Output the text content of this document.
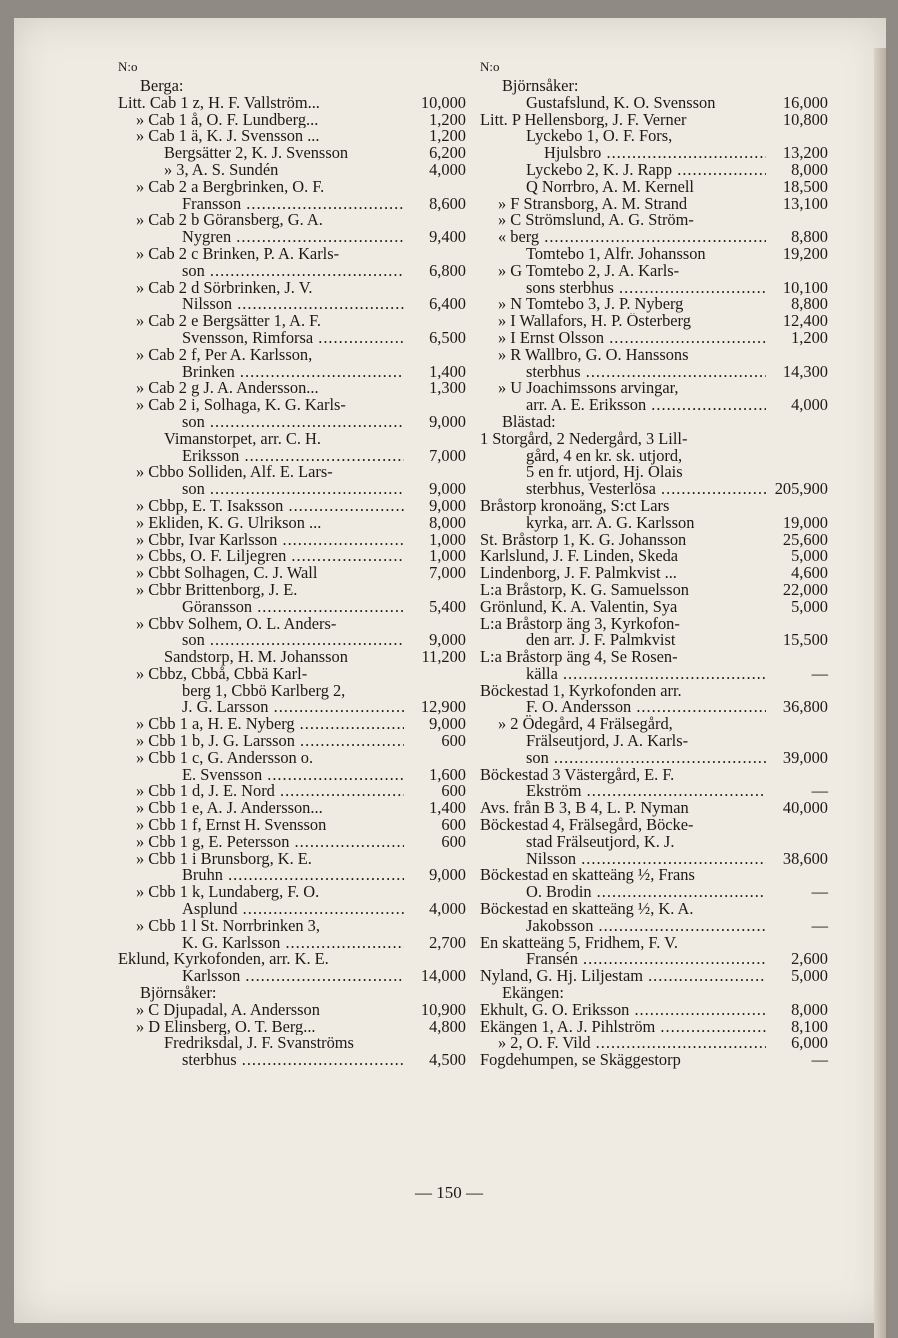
N:o
Berga:
Litt. Cab 1 z, H. F. Vallström...	10,000
» Cab 1 å, O. F. Lundberg...	1,200
» Cab 1 ä, K. J. Svensson ...	1,200
Bergsätter 2, K. J. Svensson	6,200
» 3, A. S. Sundén	4,000
» Cab 2 a Bergbrinken, O. F.
Fransson .....	8,600
» Cab 2 b Göransberg, G. A.
Nygren .....	9,400
» Cab 2 c Brinken, P. A. Karls-
son .....	6,800
» Cab 2 d Sörbrinken, J. V.
Nilsson .....	6,400
» Cab 2 e Bergsätter 1, A. F.
Svensson, Rimforsa .....	6,500
» Cab 2 f, Per A. Karlsson,
Brinken .....	1,400
» Cab 2 g J. A. Andersson...	1,300
» Cab 2 i, Solhaga, K. G. Karls-
son .....	9,000
Vimanstorpet, arr. C. H.
Eriksson .....	7,000
» Cbbo Solliden, Alf. E. Lars-
son .....	9,000
» Cbbp, E. T. Isaksson .....	9,000
» Ekliden, K. G. Ulrikson ...	8,000
» Cbbr, Ivar Karlsson .....	1,000
» Cbbs, O. F. Liljegren .....	1,000
» Cbbt Solhagen, C. J. Wall	7,000
» Cbbr Brittenborg, J. E.
Göransson .....	5,400
» Cbbv Solhem, O. L. Anders-
son .....	9,000
Sandstorp, H. M. Johansson	11,200
» Cbbz, Cbbå, Cbbä Karl-
berg 1, Cbbö Karlberg 2,
J. G. Larsson .....	12,900
» Cbb 1 a, H. E. Nyberg .....	9,000
» Cbb 1 b, J. G. Larsson .....	600
» Cbb 1 c, G. Andersson o.
E. Svensson .....	1,600
» Cbb 1 d, J. E. Nord .....	600
» Cbb 1 e, A. J. Andersson...	1,400
» Cbb 1 f, Ernst H. Svensson	600
» Cbb 1 g, E. Petersson .....	600
» Cbb 1 i Brunsborg, K. E.
Bruhn .....	9,000
» Cbb 1 k, Lundaberg, F. O.
Asplund .....	4,000
» Cbb 1 l St. Norrbrinken 3,
K. G. Karlsson .....	2,700
Eklund, Kyrkofonden, arr. K. E.
Karlsson .....	14,000
Björnsåker:
» C Djupadal, A. Andersson	10,900
» D Elinsberg, O. T. Berg...	4,800
Fredriksdal, J. F. Svanströms
sterbhus .....	4,500
N:o
Björnsåker:
Gustafslund, K. O. Svensson	16,000
Litt. P Hellensborg, J. F. Verner	10,800
Lyckebo 1, O. F. Fors,
Hjulsbro .....	13,200
Lyckebo 2, K. J. Rapp .....	8,000
Q Norrbro, A. M. Kernell	18,500
» F Stransborg, A. M. Strand	13,100
» C Strömslund, A. G. Ström-
« berg .....	8,800
Tomtebo 1, Alfr. Johansson	19,200
» G Tomtebo 2, J. A. Karls-
sons sterbhus .....	10,100
» N Tomtebo 3, J. P. Nyberg	8,800
» I Wallafors, H. P. Österberg	12,400
» I Ernst Olsson .....	1,200
» R Wallbro, G. O. Hanssons
sterbhus .....	14,300
» U Joachimssons arvingar,
arr. A. E. Eriksson .....	4,000
Blästad:
1 Storgård, 2 Nedergård, 3 Lill-
gård, 4 en kr. sk. utjord,
5 en fr. utjord, Hj. Olais
sterbhus, Vesterlösa .....	205,900
Bråstorp kronoäng, S:ct Lars
kyrka, arr. A. G. Karlsson	19,000
St. Bråstorp 1, K. G. Johansson	25,600
Karlslund, J. F. Linden, Skeda	5,000
Lindenborg, J. F. Palmkvist ...	4,600
L:a Bråstorp, K. G. Samuelsson	22,000
Grönlund, K. A. Valentin, Sya	5,000
L:a Bråstorp äng 3, Kyrkofon-
den arr. J. F. Palmkvist	15,500
L:a Bråstorp äng 4, Se Rosen-
källa .....	—
Böckestad 1, Kyrkofonden arr.
F. O. Andersson .....	36,800
» 2 Ödegård, 4 Frälsegård,
Frälseutjord, J. A. Karls-
son .....	39,000
Böckestad 3 Västergård, E. F.
Ekström .....	—
Avs. från B 3, B 4, L. P. Nyman	40,000
Böckestad 4, Frälsegård, Böcke-
stad Frälseutjord, K. J.
Nilsson .....	38,600
Böckestad en skatteäng ½, Frans
O. Brodin .....	—
Böckestad en skatteäng ½, K. A.
Jakobsson .....	—
En skatteäng 5, Fridhem, F. V.
Fransén .....	2,600
Nyland, G. Hj. Liljestam .....	5,000
Ekängen:
Ekhult, G. O. Eriksson .....	8,000
Ekängen 1, A. J. Pihlström .....	8,100
» 2, O. F. Vild .....	6,000
Fogdehumpen, se Skäggestorp	—
— 150 —
